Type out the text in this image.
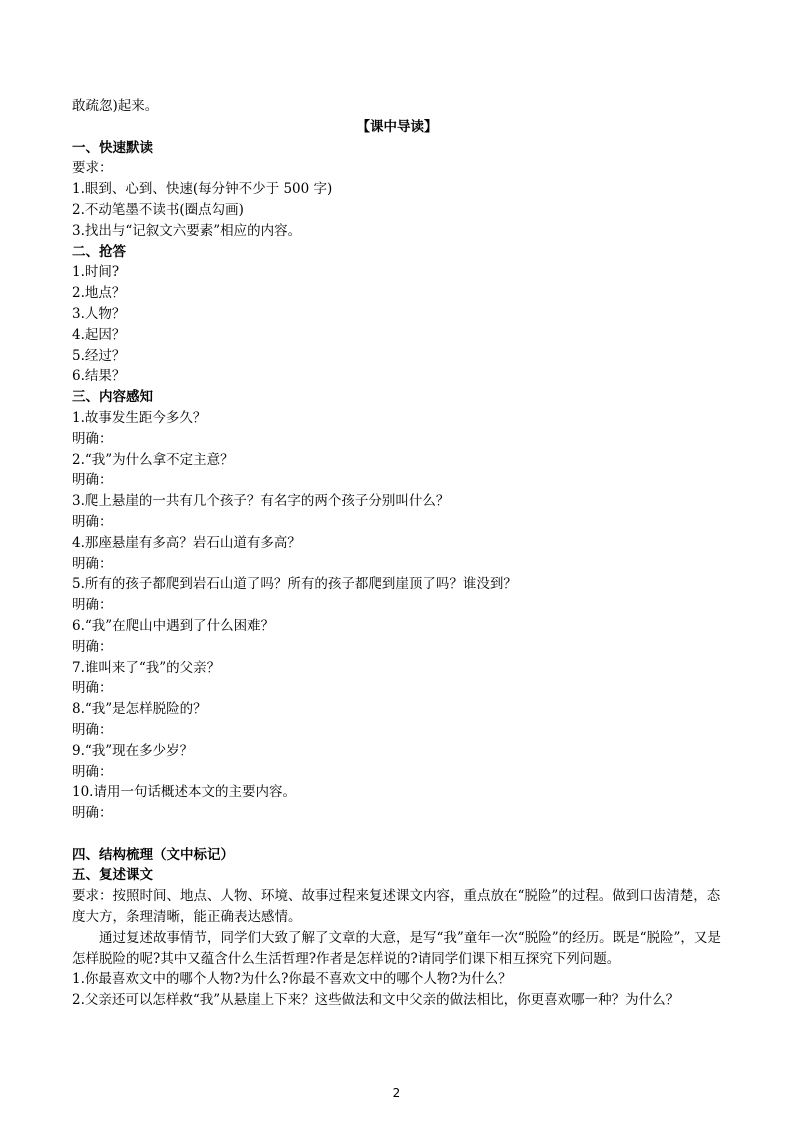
敢疏忽)起来。
【课中导读】
一、快速默读
要求：
1.眼到、心到、快速(每分钟不少于 500 字)
2.不动笔墨不读书(圈点勾画)
3.找出与“记叙文六要素”相应的内容。
二、抢答
1.时间?
2.地点？
3.人物？
4.起因？
5.经过？
6.结果？
三、内容感知
1.故事发生距今多久？
明确：
2.“我”为什么拿不定主意？
明确：
3.爬上悬崖的一共有几个孩子？有名字的两个孩子分别叫什么？
明确：
4.那座悬崖有多高？岩石山道有多高？
明确：
5.所有的孩子都爬到岩石山道了吗？所有的孩子都爬到崖顶了吗？谁没到？
明确：
6.“我”在爬山中遇到了什么困难？
明确：
7.谁叫来了“我”的父亲？
明确：
8.“我”是怎样脱险的？
明确：
9.“我”现在多少岁？
明确：
10.请用一句话概述本文的主要内容。
明确：
四、结构梳理（文中标记）
五、复述课文
要求：按照时间、地点、人物、环境、故事过程来复述课文内容，重点放在“脱险”的过程。做到口齿清楚，态度大方，条理清晰，能正确表达感情。
通过复述故事情节，同学们大致了解了文章的大意，是写“我”童年一次“脱险”的经历。既是“脱险”，又是怎样脱险的呢?其中又蕴含什么生活哲理?作者是怎样说的?请同学们课下相互探究下列问题。
1.你最喜欢文中的哪个人物?为什么?你最不喜欢文中的哪个人物?为什么？
2.父亲还可以怎样救“我”从悬崖上下来？这些做法和文中父亲的做法相比，你更喜欢哪一种？为什么？
2
